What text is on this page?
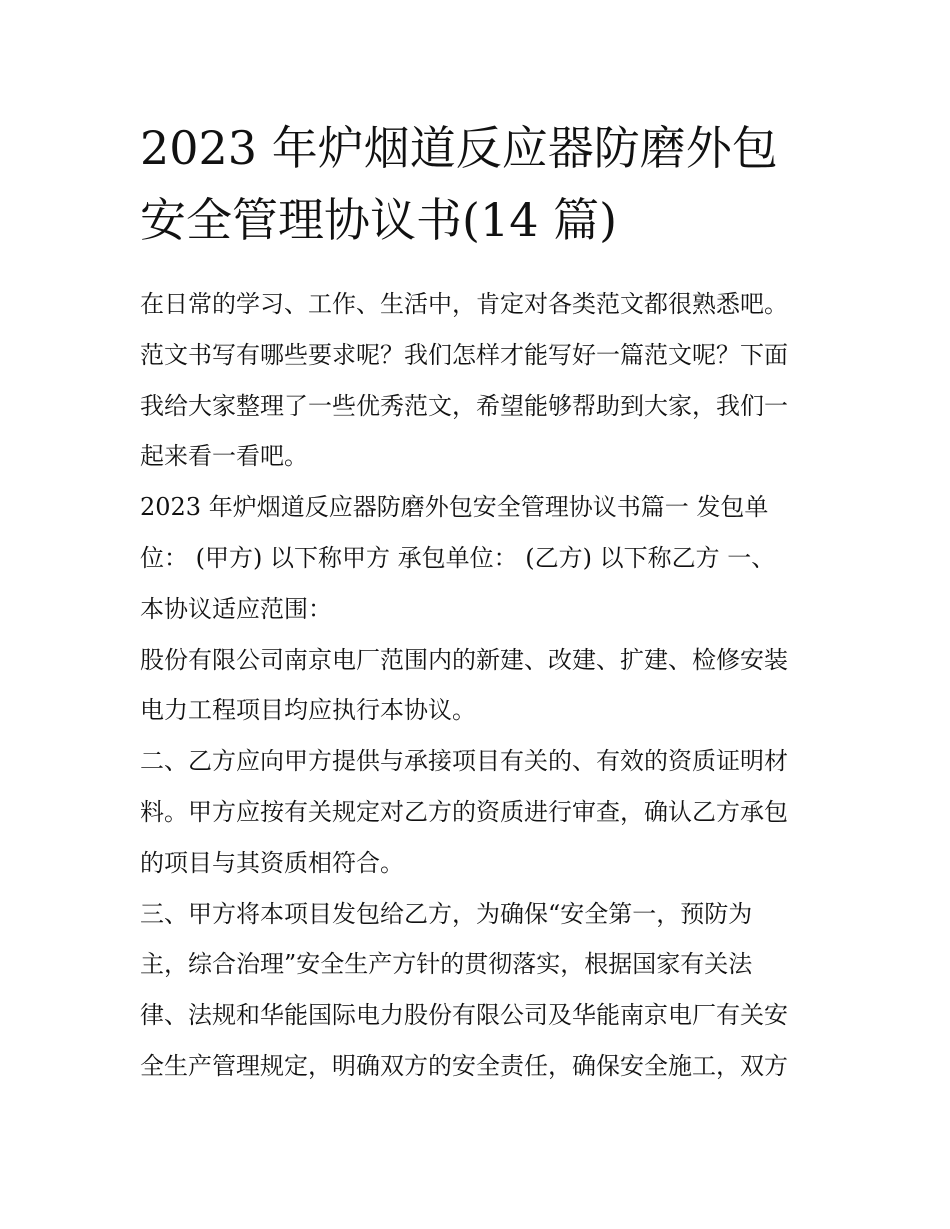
2023 年炉烟道反应器防磨外包
安全管理协议书(14 篇)
在日常的学习、工作、生活中，肯定对各类范文都很熟悉吧。
范文书写有哪些要求呢？我们怎样才能写好一篇范文呢？下面
我给大家整理了一些优秀范文，希望能够帮助到大家，我们一
起来看一看吧。
2023 年炉烟道反应器防磨外包安全管理协议书篇一 发包单
位： (甲方) 以下称甲方 承包单位： (乙方) 以下称乙方 一、
本协议适应范围：
股份有限公司南京电厂范围内的新建、改建、扩建、检修安装
电力工程项目均应执行本协议。
二、乙方应向甲方提供与承接项目有关的、有效的资质证明材
料。甲方应按有关规定对乙方的资质进行审查，确认乙方承包
的项目与其资质相符合。
三、甲方将本项目发包给乙方，为确保“安全第一，预防为
主，综合治理”安全生产方针的贯彻落实，根据国家有关法
律、法规和华能国际电力股份有限公司及华能南京电厂有关安
全生产管理规定，明确双方的安全责任，确保安全施工，双方
